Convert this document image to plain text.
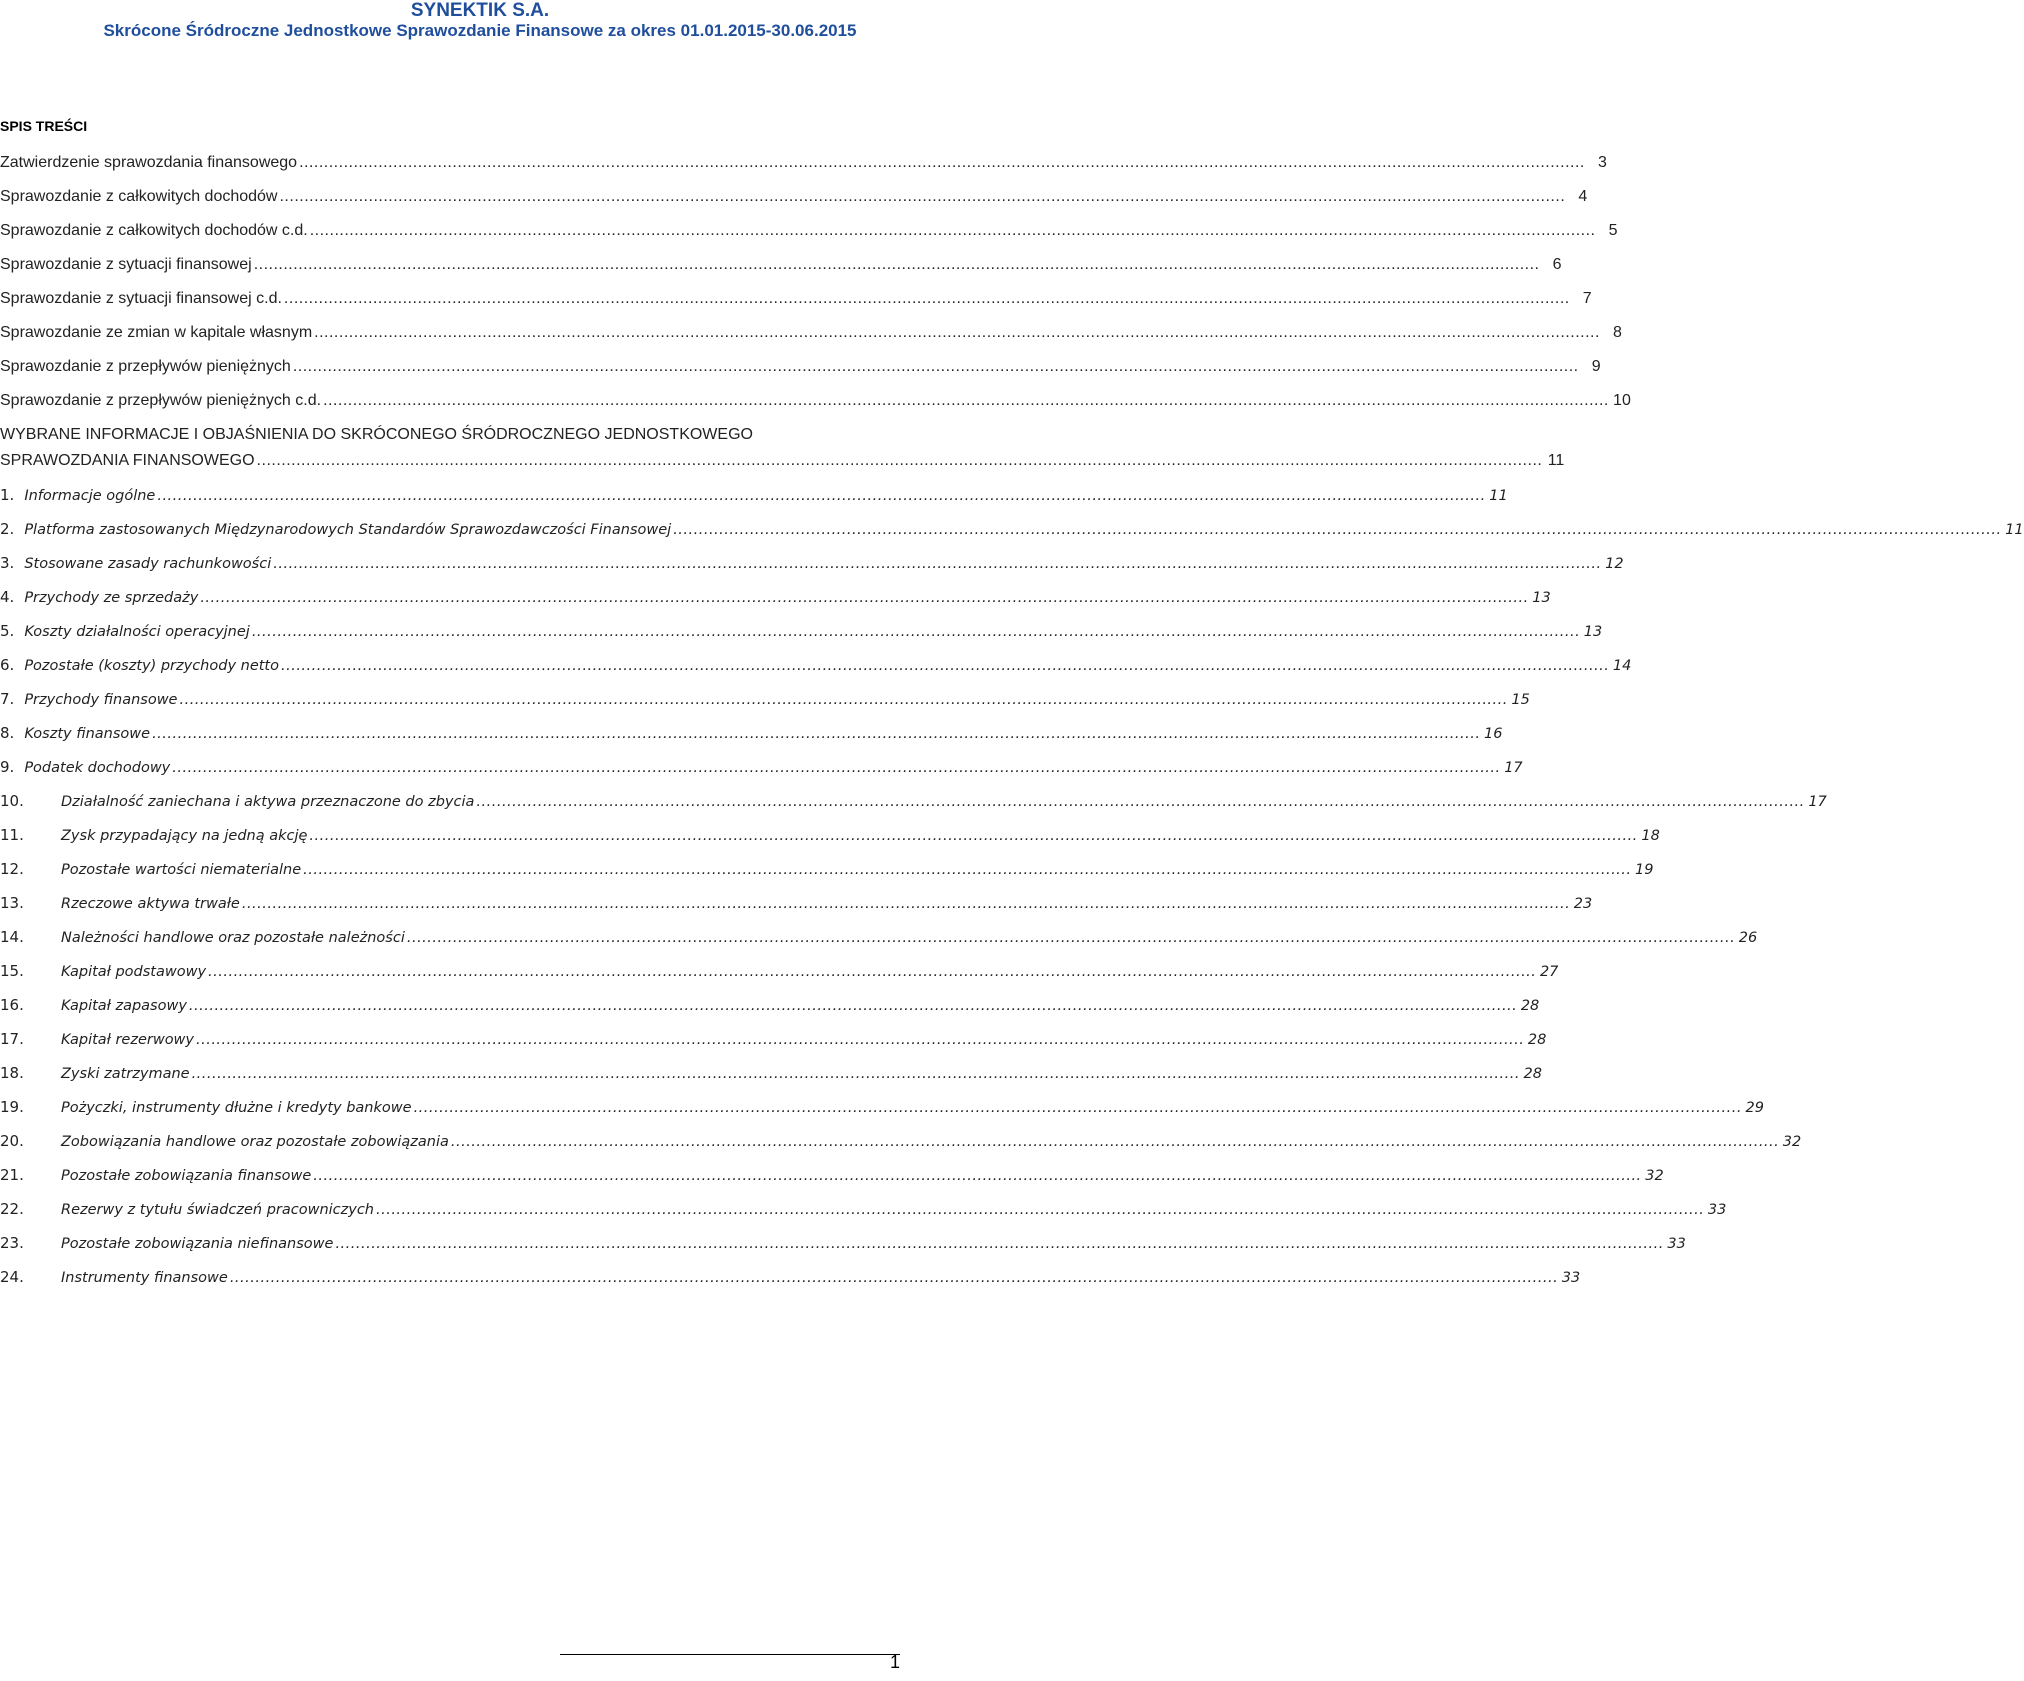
SYNEKTIK S.A.
Skrócone Śródroczne Jednostkowe Sprawozdanie Finansowe za okres 01.01.2015-30.06.2015
SPIS TREŚCI
Zatwierdzenie sprawozdania finansowego .................................................................................................................................................................................................................................................................... 3
Sprawozdanie z całkowitych dochodów .................................................................................................................................................................................................................................................................... 4
Sprawozdanie z całkowitych dochodów c.d. .................................................................................................................................................................................................................................................................... 5
Sprawozdanie z sytuacji finansowej .................................................................................................................................................................................................................................................................... 6
Sprawozdanie z sytuacji finansowej c.d. .................................................................................................................................................................................................................................................................... 7
Sprawozdanie ze zmian w kapitale własnym .................................................................................................................................................................................................................................................................... 8
Sprawozdanie z przepływów pieniężnych .................................................................................................................................................................................................................................................................... 9
Sprawozdanie z przepływów pieniężnych c.d. .................................................................................................................................................................................................................................................................... 10
WYBRANE INFORMACJE I OBJAŚNIENIA DO SKRÓCONEGO ŚRÓDROCZNEGO JEDNOSTKOWEGO
SPRAWOZDANIA FINANSOWEGO .................................................................................................................................................................................................................................................................... 11
1. Informacje ogólne .................................................................................................................................................................................................................................................................... 11
2. Platforma zastosowanych Międzynarodowych Standardów Sprawozdawczości Finansowej .................................................................................................................................................................................................................................................................... 11
3. Stosowane zasady rachunkowości .................................................................................................................................................................................................................................................................... 12
4. Przychody ze sprzedaży .................................................................................................................................................................................................................................................................... 13
5. Koszty działalności operacyjnej .................................................................................................................................................................................................................................................................... 13
6. Pozostałe (koszty) przychody netto .................................................................................................................................................................................................................................................................... 14
7. Przychody finansowe .................................................................................................................................................................................................................................................................... 15
8. Koszty finansowe .................................................................................................................................................................................................................................................................... 16
9. Podatek dochodowy .................................................................................................................................................................................................................................................................... 17
10.	Działalność zaniechana i aktywa przeznaczone do zbycia .................................................................................................................................................................................................................................................................... 17
11.	Zysk przypadający na jedną akcję .................................................................................................................................................................................................................................................................... 18
12.	Pozostałe wartości niematerialne .................................................................................................................................................................................................................................................................... 19
13.	Rzeczowe aktywa trwałe .................................................................................................................................................................................................................................................................... 23
14.	Należności handlowe oraz pozostałe należności .................................................................................................................................................................................................................................................................... 26
15.	Kapitał podstawowy .................................................................................................................................................................................................................................................................... 27
16.	Kapitał zapasowy .................................................................................................................................................................................................................................................................... 28
17.	Kapitał rezerwowy .................................................................................................................................................................................................................................................................... 28
18.	Zyski zatrzymane .................................................................................................................................................................................................................................................................... 28
19.	Pożyczki, instrumenty dłużne i kredyty bankowe .................................................................................................................................................................................................................................................................... 29
20.	Zobowiązania handlowe oraz pozostałe zobowiązania .................................................................................................................................................................................................................................................................... 32
21.	Pozostałe zobowiązania finansowe .................................................................................................................................................................................................................................................................... 32
22.	Rezerwy z tytułu świadczeń pracowniczych .................................................................................................................................................................................................................................................................... 33
23.	Pozostałe zobowiązania niefinansowe .................................................................................................................................................................................................................................................................... 33
24.	Instrumenty finansowe .................................................................................................................................................................................................................................................................... 33
1
